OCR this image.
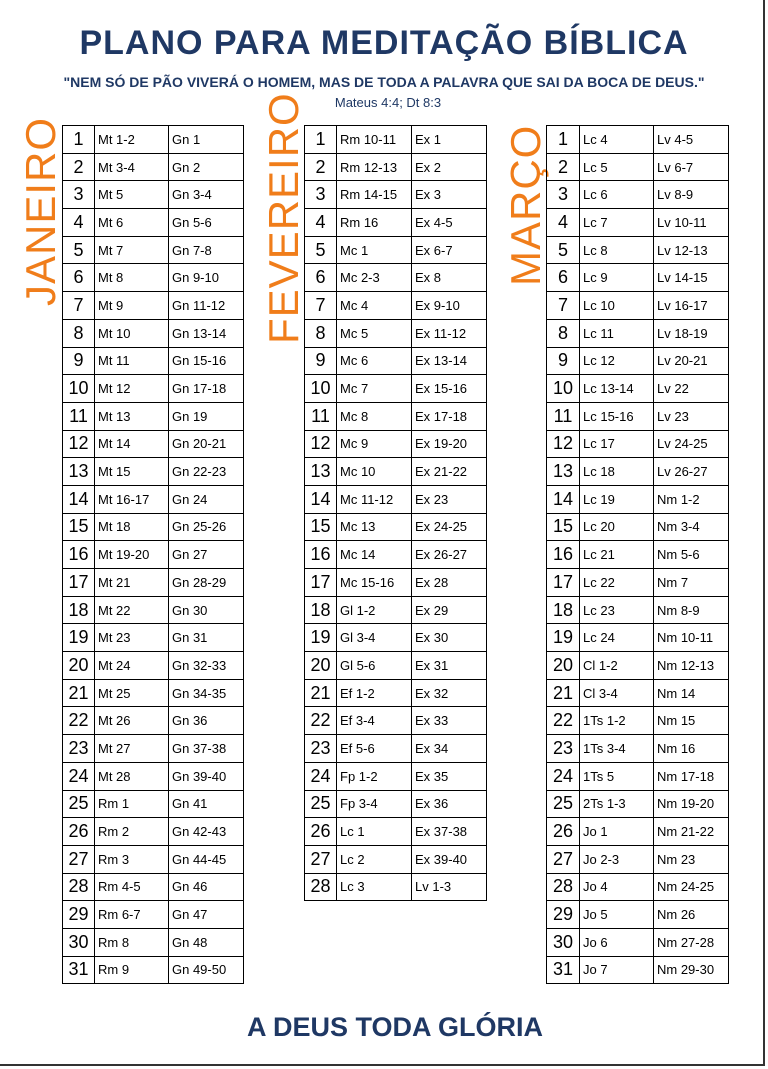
PLANO PARA MEDITAÇÃO BÍBLICA
"NEM SÓ DE PÃO VIVERÁ O HOMEM, MAS DE TODA A PALAVRA QUE SAI DA BOCA DE DEUS."
Mateus 4:4; Dt 8:3
JANEIRO	FEVEREIRO	MARÇO
1	Mt 1-2	Gn 1
2	Mt 3-4	Gn 2
3	Mt 5	Gn 3-4
4	Mt 6	Gn 5-6
5	Mt 7	Gn 7-8
6	Mt 8	Gn 9-10
7	Mt 9	Gn 11-12
8	Mt 10	Gn 13-14
9	Mt 11	Gn 15-16
10	Mt 12	Gn 17-18
11	Mt 13	Gn 19
12	Mt 14	Gn 20-21
13	Mt 15	Gn 22-23
14	Mt 16-17	Gn 24
15	Mt 18	Gn 25-26
16	Mt 19-20	Gn 27
17	Mt 21	Gn 28-29
18	Mt 22	Gn 30
19	Mt 23	Gn 31
20	Mt 24	Gn 32-33
21	Mt 25	Gn 34-35
22	Mt 26	Gn 36
23	Mt 27	Gn 37-38
24	Mt 28	Gn 39-40
25	Rm 1	Gn 41
26	Rm 2	Gn 42-43
27	Rm 3	Gn 44-45
28	Rm 4-5	Gn 46
29	Rm 6-7	Gn 47
30	Rm 8	Gn 48
31	Rm 9	Gn 49-50
1	Rm 10-11	Ex 1
2	Rm 12-13	Ex 2
3	Rm 14-15	Ex 3
4	Rm 16	Ex 4-5
5	Mc 1	Ex 6-7
6	Mc 2-3	Ex 8
7	Mc 4	Ex 9-10
8	Mc 5	Ex 11-12
9	Mc 6	Ex 13-14
10	Mc 7	Ex 15-16
11	Mc 8	Ex 17-18
12	Mc 9	Ex 19-20
13	Mc 10	Ex 21-22
14	Mc 11-12	Ex 23
15	Mc 13	Ex 24-25
16	Mc 14	Ex 26-27
17	Mc 15-16	Ex 28
18	Gl 1-2	Ex 29
19	Gl 3-4	Ex 30
20	Gl 5-6	Ex 31
21	Ef 1-2	Ex 32
22	Ef 3-4	Ex 33
23	Ef 5-6	Ex 34
24	Fp 1-2	Ex 35
25	Fp 3-4	Ex 36
26	Lc 1	Ex 37-38
27	Lc 2	Ex 39-40
28	Lc 3	Lv 1-3
1	Lc 4	Lv 4-5
2	Lc 5	Lv 6-7
3	Lc 6	Lv 8-9
4	Lc 7	Lv 10-11
5	Lc 8	Lv 12-13
6	Lc 9	Lv 14-15
7	Lc 10	Lv 16-17
8	Lc 11	Lv 18-19
9	Lc 12	Lv 20-21
10	Lc 13-14	Lv 22
11	Lc 15-16	Lv 23
12	Lc 17	Lv 24-25
13	Lc 18	Lv 26-27
14	Lc 19	Nm 1-2
15	Lc 20	Nm 3-4
16	Lc 21	Nm 5-6
17	Lc 22	Nm 7
18	Lc 23	Nm 8-9
19	Lc 24	Nm 10-11
20	Cl 1-2	Nm 12-13
21	Cl 3-4	Nm 14
22	1Ts 1-2	Nm 15
23	1Ts 3-4	Nm 16
24	1Ts 5	Nm 17-18
25	2Ts 1-3	Nm 19-20
26	Jo 1	Nm 21-22
27	Jo 2-3	Nm 23
28	Jo 4	Nm 24-25
29	Jo 5	Nm 26
30	Jo 6	Nm 27-28
31	Jo 7	Nm 29-30
A DEUS TODA GLÓRIA
